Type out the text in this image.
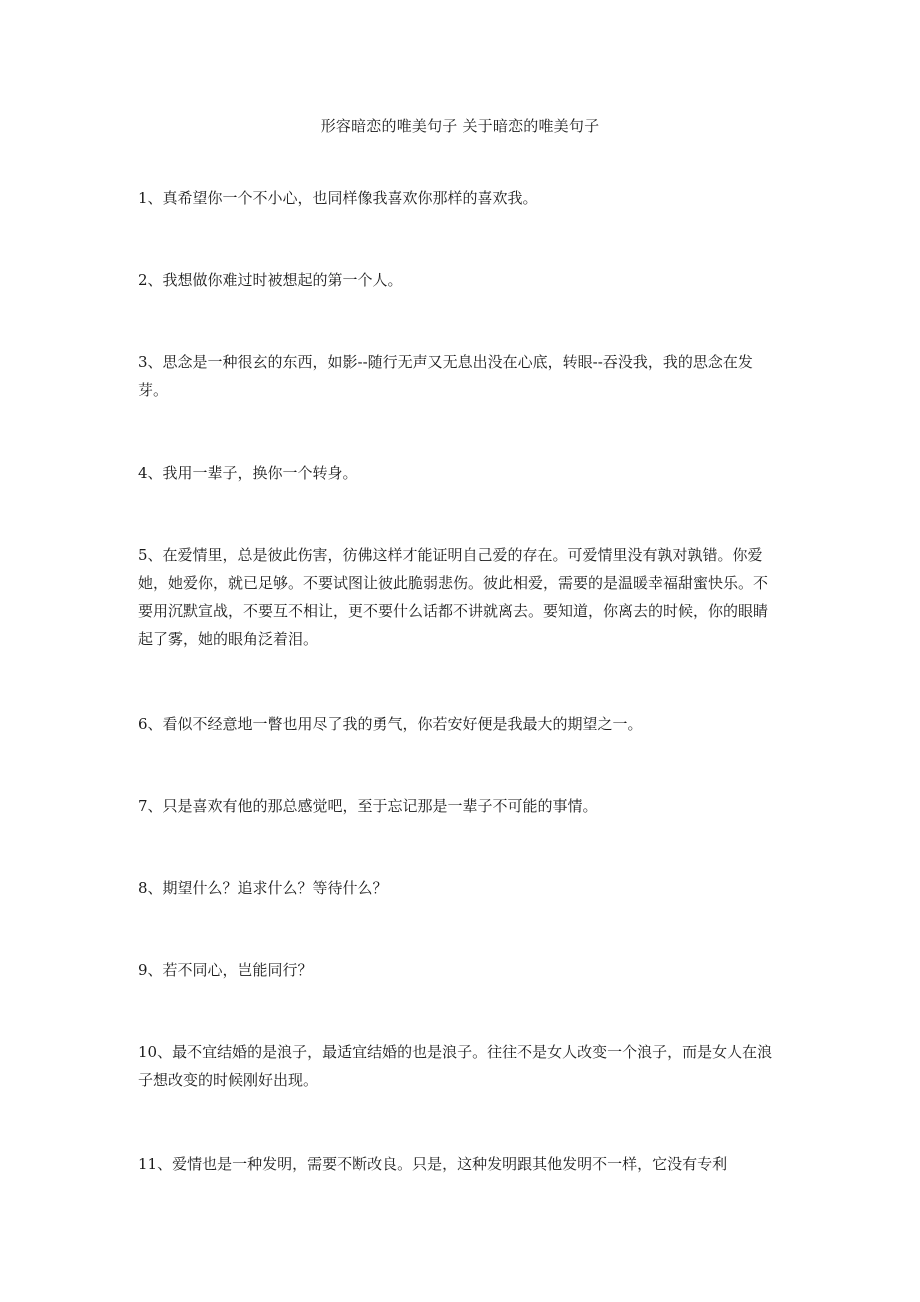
形容暗恋的唯美句子 关于暗恋的唯美句子

1、真希望你一个不小心，也同样像我喜欢你那样的喜欢我。

2、我想做你难过时被想起的第一个人。

3、思念是一种很玄的东西，如影--随行无声又无息出没在心底，转眼--吞没我，我的思念在发芽。

4、我用一辈子，换你一个转身。

5、在爱情里，总是彼此伤害，彷佛这样才能证明自己爱的存在。可爱情里没有孰对孰错。你爱她，她爱你，就已足够。不要试图让彼此脆弱悲伤。彼此相爱，需要的是温暖幸福甜蜜快乐。不要用沉默宣战，不要互不相让，更不要什么话都不讲就离去。要知道，你离去的时候，你的眼睛起了雾，她的眼角泛着泪。

6、看似不经意地一瞥也用尽了我的勇气，你若安好便是我最大的期望之一。

7、只是喜欢有他的那总感觉吧，至于忘记那是一辈子不可能的事情。

8、期望什么？追求什么？等待什么？

9、若不同心，岂能同行？

10、最不宜结婚的是浪子，最适宜结婚的也是浪子。往往不是女人改变一个浪子，而是女人在浪子想改变的时候刚好出现。

11、爱情也是一种发明，需要不断改良。只是，这种发明跟其他发明不一样，它没有专利
